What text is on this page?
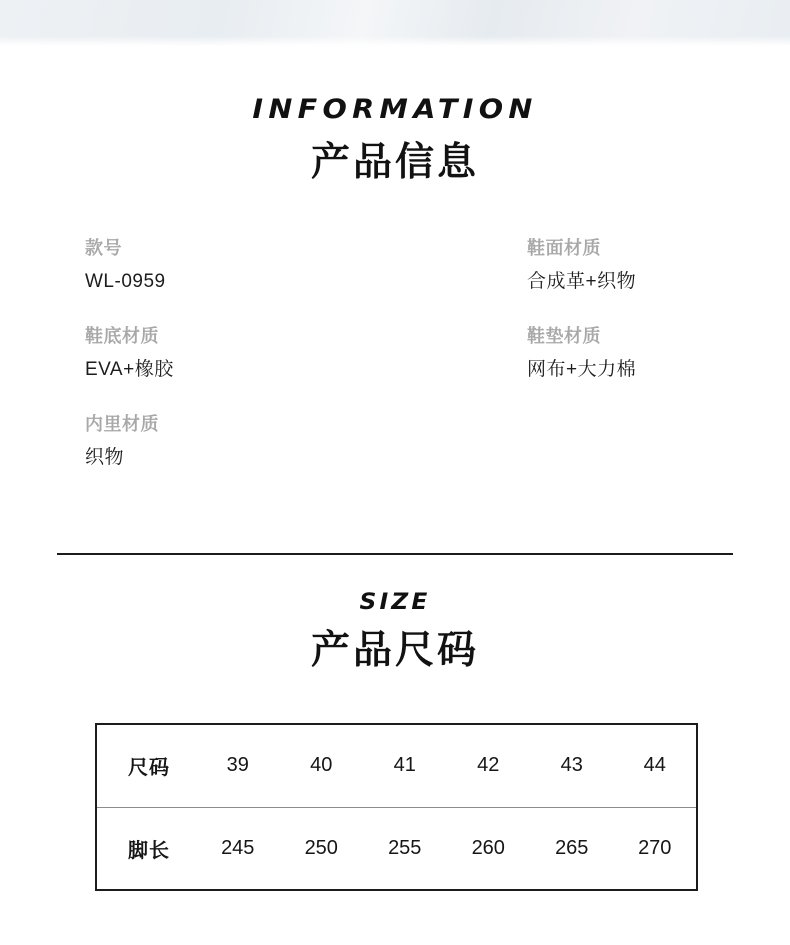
INFORMATION
产品信息
款号
WL-0959
鞋面材质
合成革+织物
鞋底材质
EVA+橡胶
鞋垫材质
网布+大力棉
内里材质
织物
SIZE
产品尺码
尺码	39	40	41	42	43	44
脚长	245	250	255	260	265	270
